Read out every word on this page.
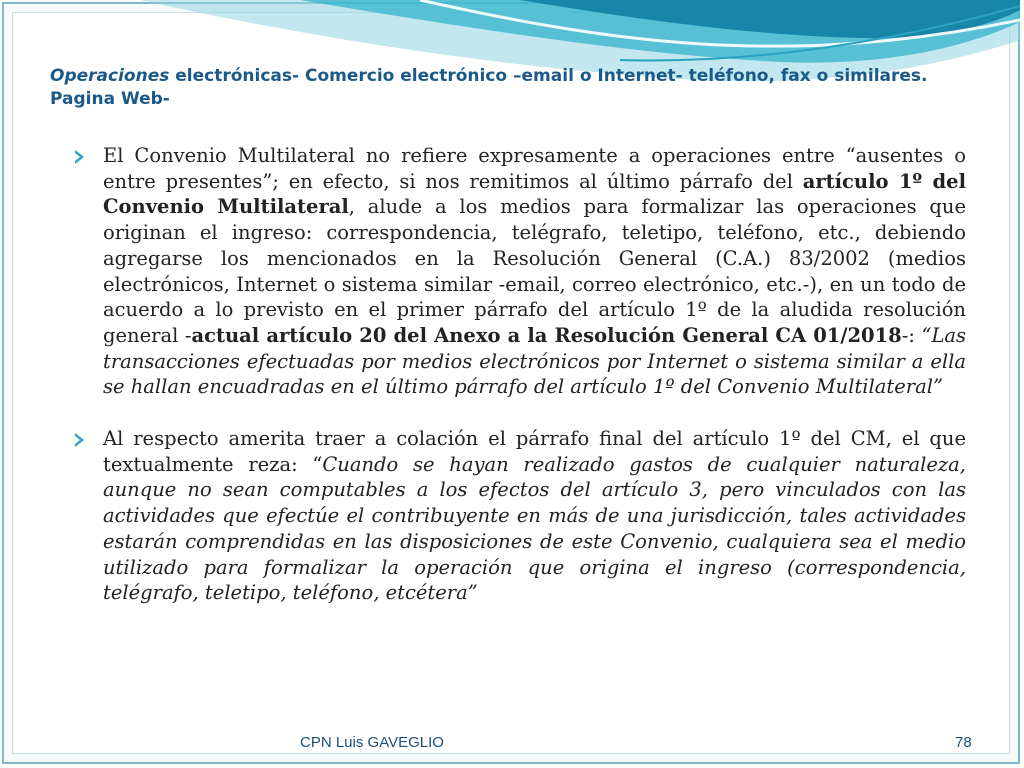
Operaciones electrónicas- Comercio electrónico –email o Internet- teléfono, fax o similares. Pagina Web-
El Convenio Multilateral no refiere expresamente a operaciones entre “ausentes o entre presentes”; en efecto, si nos remitimos al último párrafo del artículo 1º del Convenio Multilateral, alude a los medios para formalizar las operaciones que originan el ingreso: correspondencia, telégrafo, teletipo, teléfono, etc., debiendo agregarse los mencionados en la Resolución General (C.A.) 83/2002 (medios electrónicos, Internet o sistema similar -email, correo electrónico, etc.-), en un todo de acuerdo a lo previsto en el primer párrafo del artículo 1º de la aludida resolución general -actual artículo 20 del Anexo a la Resolución General CA 01/2018-: “Las transacciones efectuadas por medios electrónicos por Internet o sistema similar a ella se hallan encuadradas en el último párrafo del artículo 1º del Convenio Multilateral”
Al respecto amerita traer a colación el párrafo final del artículo 1º del CM, el que textualmente reza: “Cuando se hayan realizado gastos de cualquier naturaleza, aunque no sean computables a los efectos del artículo 3, pero vinculados con las actividades que efectúe el contribuyente en más de una jurisdicción, tales actividades estarán comprendidas en las disposiciones de este Convenio, cualquiera sea el medio utilizado para formalizar la operación que origina el ingreso (correspondencia, telégrafo, teletipo, teléfono, etcétera”
CPN Luis GAVEGLIO	78
